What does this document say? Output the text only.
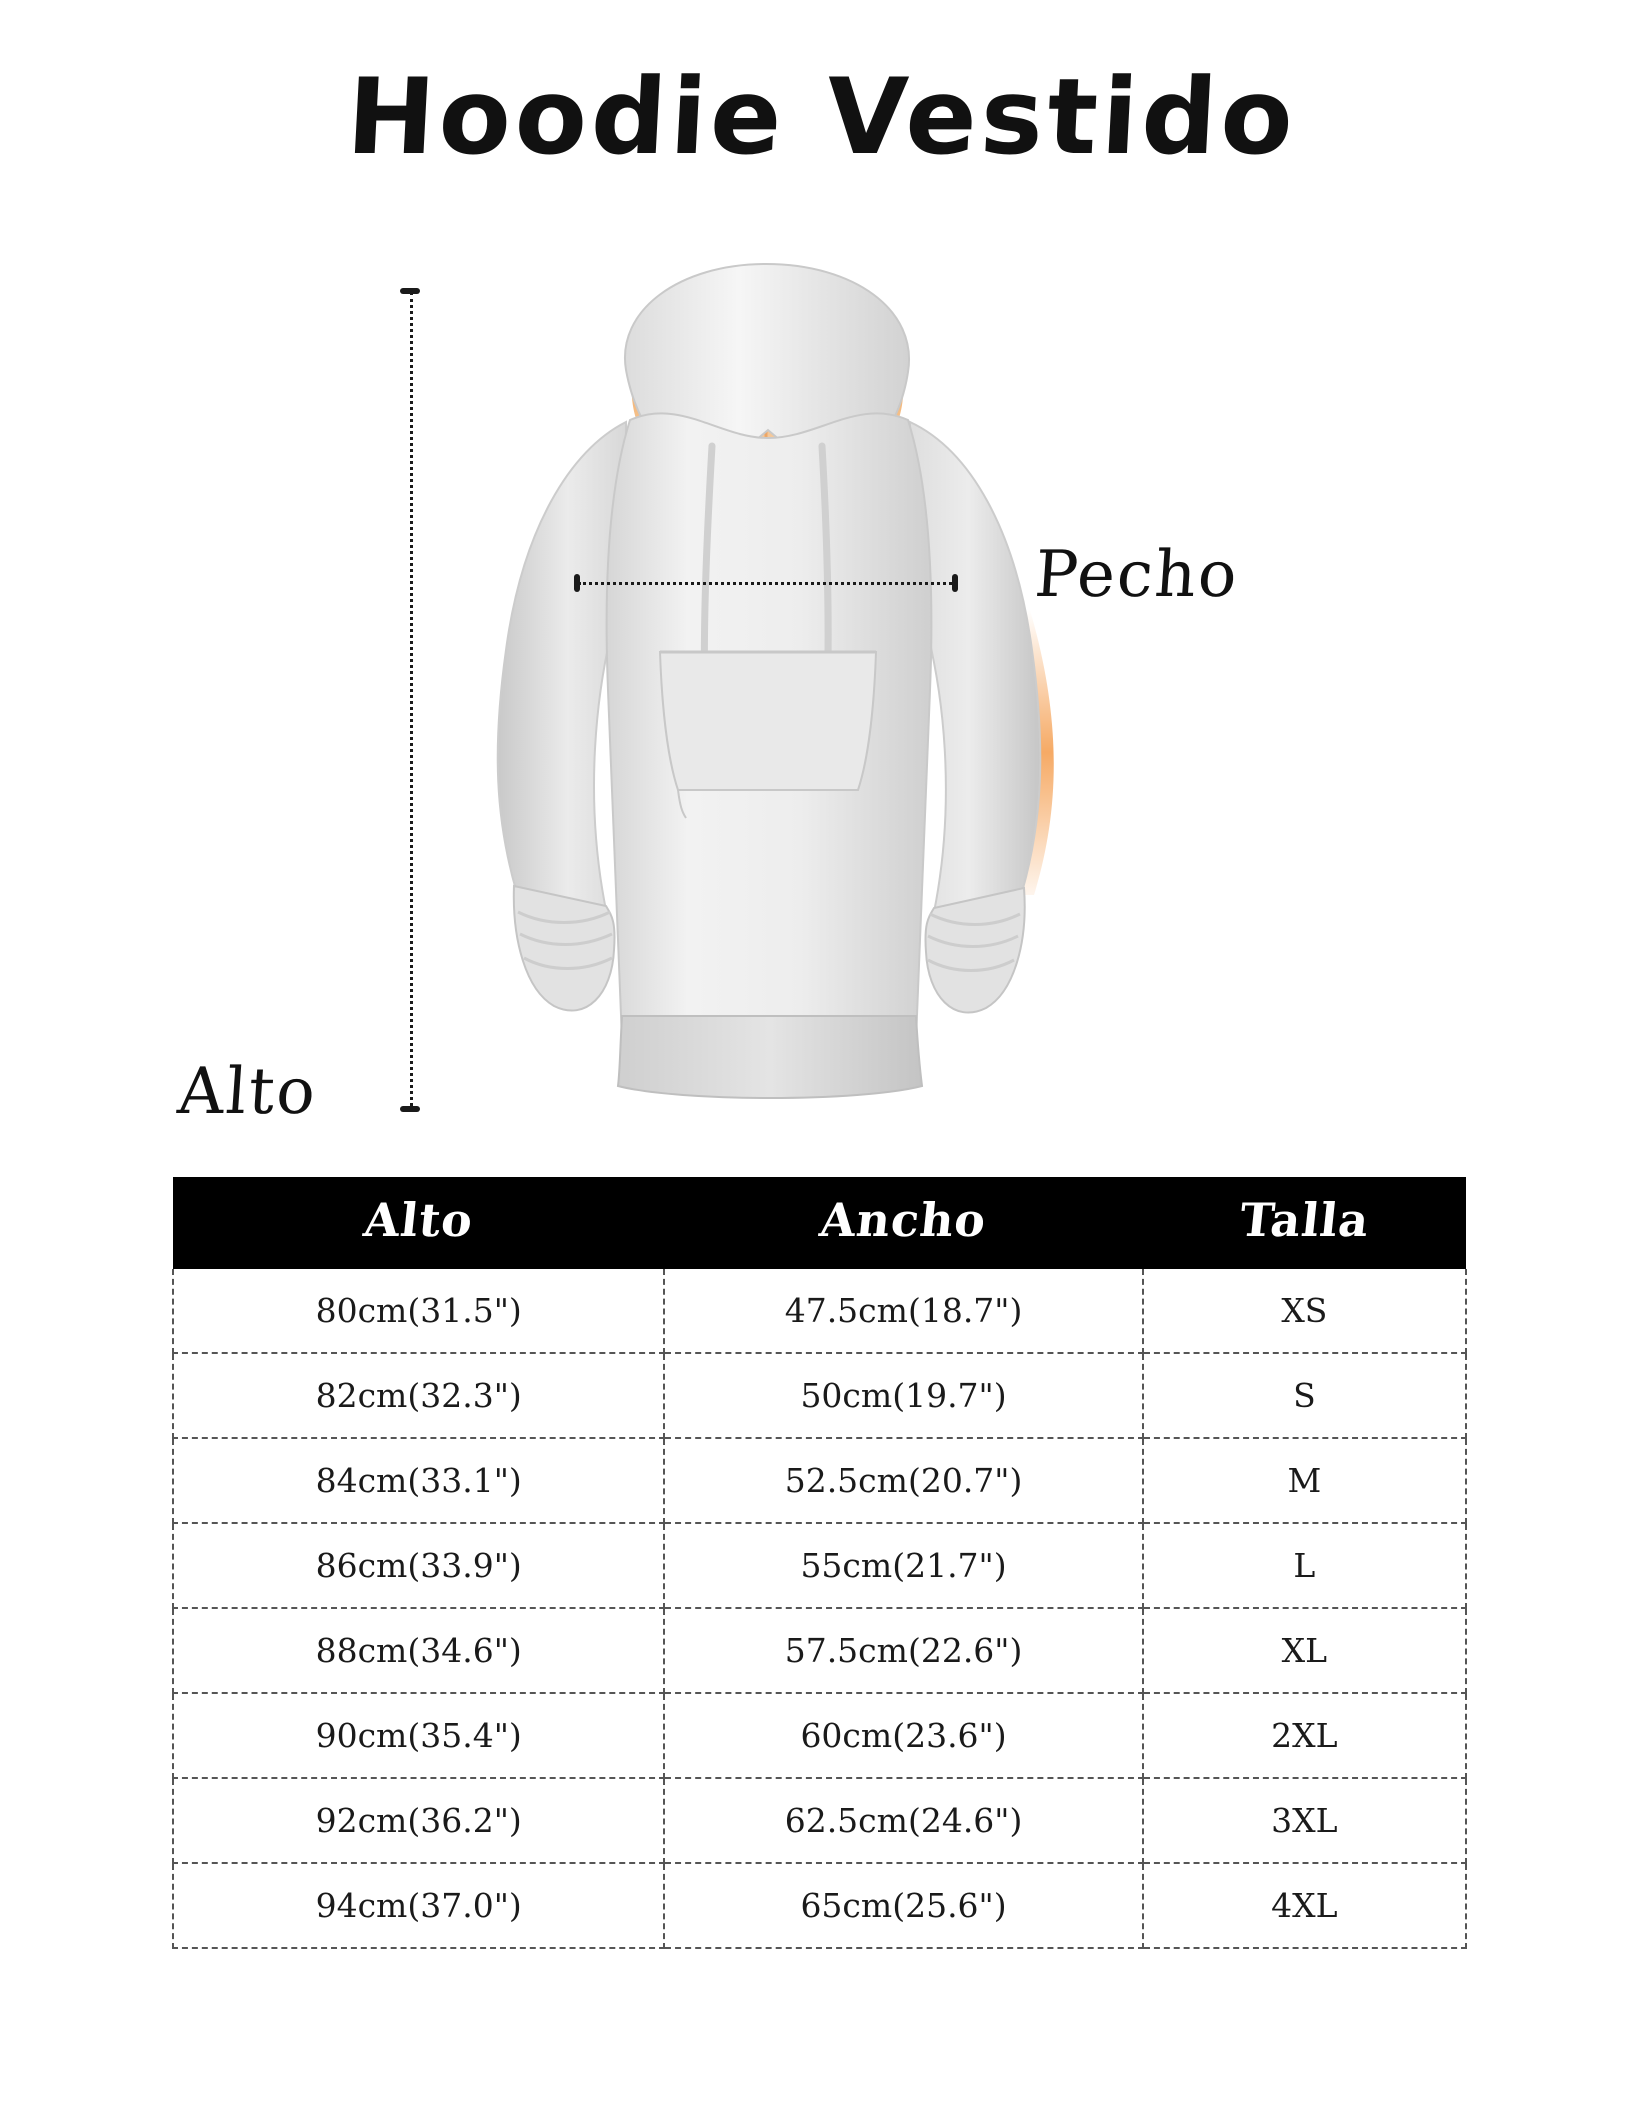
Hoodie Vestido
Alto
Pecho
Alto	Ancho	Talla
80cm(31.5")	47.5cm(18.7")	XS
82cm(32.3")	50cm(19.7")	S
84cm(33.1")	52.5cm(20.7")	M
86cm(33.9")	55cm(21.7")	L
88cm(34.6")	57.5cm(22.6")	XL
90cm(35.4")	60cm(23.6")	2XL
92cm(36.2")	62.5cm(24.6")	3XL
94cm(37.0")	65cm(25.6")	4XL
